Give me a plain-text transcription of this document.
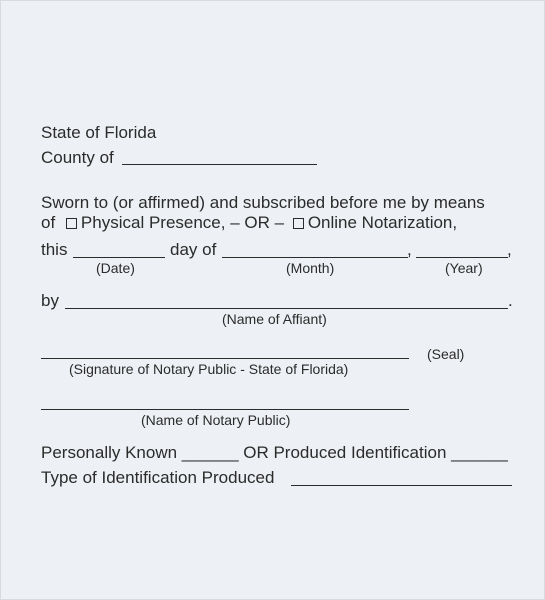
State of Florida
County of
Sworn to (or affirmed) and subscribed before me by means
of Physical Presence, – OR – Online Notarization,
this	day of	,	,
(Date)	(Month)	(Year)
by	.
(Name of Affiant)
(Seal)
(Signature of Notary Public - State of Florida)
(Name of Notary Public)
Personally Known ______ OR Produced Identification ______
Type of Identification Produced
